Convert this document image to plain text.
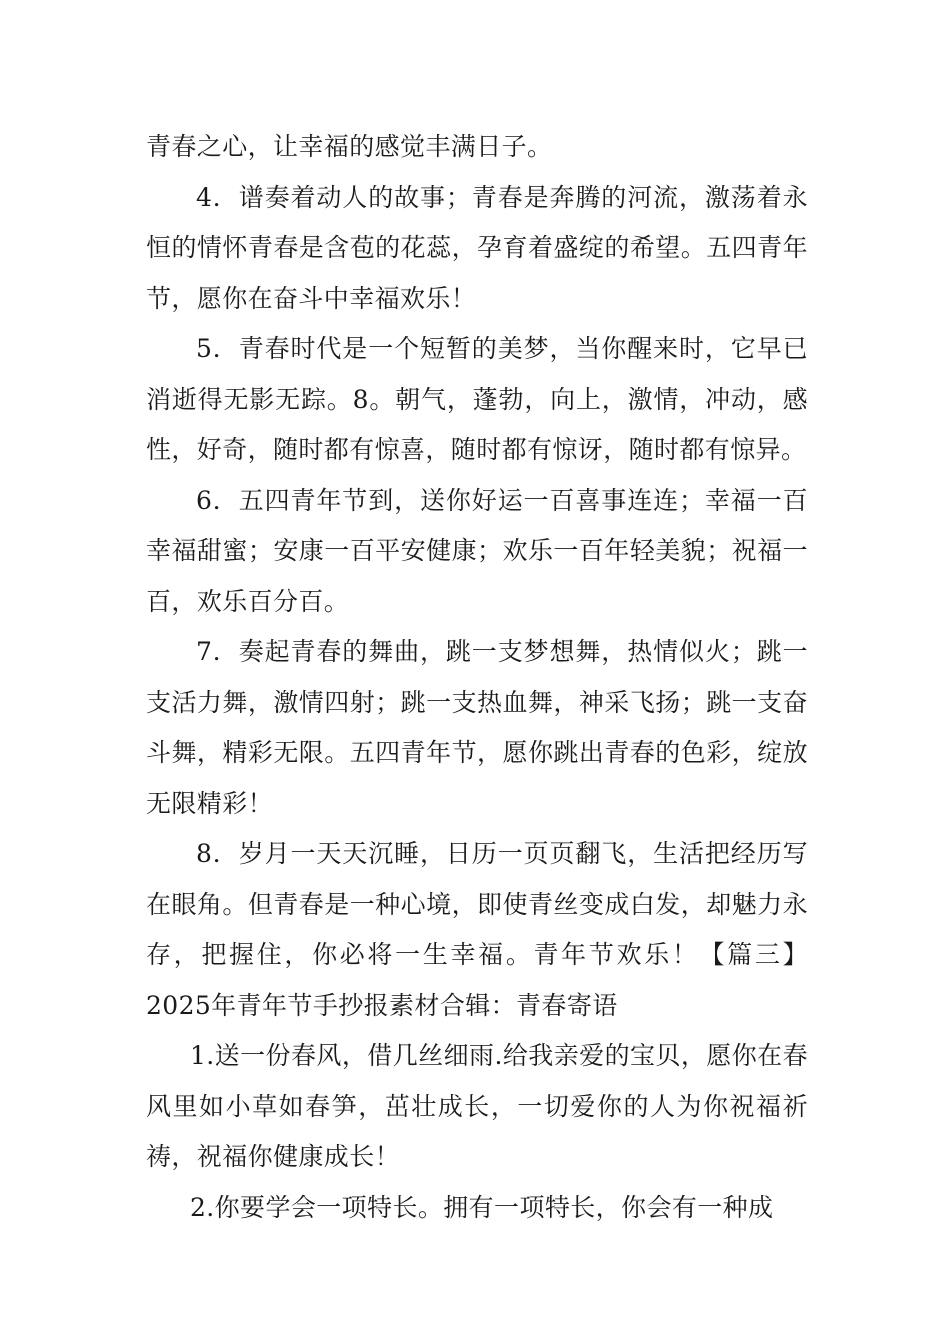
青春之心，让幸福的感觉丰满日子。

4．谱奏着动人的故事；青春是奔腾的河流，激荡着永恒的情怀青春是含苞的花蕊，孕育着盛绽的希望。五四青年节，愿你在奋斗中幸福欢乐！

5．青春时代是一个短暂的美梦，当你醒来时，它早已消逝得无影无踪。8。朝气，蓬勃，向上，激情，冲动，感性，好奇，随时都有惊喜，随时都有惊讶，随时都有惊异。

6．五四青年节到，送你好运一百喜事连连；幸福一百幸福甜蜜；安康一百平安健康；欢乐一百年轻美貌；祝福一百，欢乐百分百。

7．奏起青春的舞曲，跳一支梦想舞，热情似火；跳一支活力舞，激情四射；跳一支热血舞，神采飞扬；跳一支奋斗舞，精彩无限。五四青年节，愿你跳出青春的色彩，绽放无限精彩！

8．岁月一天天沉睡，日历一页页翻飞，生活把经历写在眼角。但青春是一种心境，即使青丝变成白发，却魅力永存，把握住，你必将一生幸福。青年节欢乐！【篇三】2025年青年节手抄报素材合辑：青春寄语

1.送一份春风，借几丝细雨.给我亲爱的宝贝，愿你在春风里如小草如春笋，茁壮成长，一切爱你的人为你祝福祈祷，祝福你健康成长！

2.你要学会一项特长。拥有一项特长，你会有一种成
